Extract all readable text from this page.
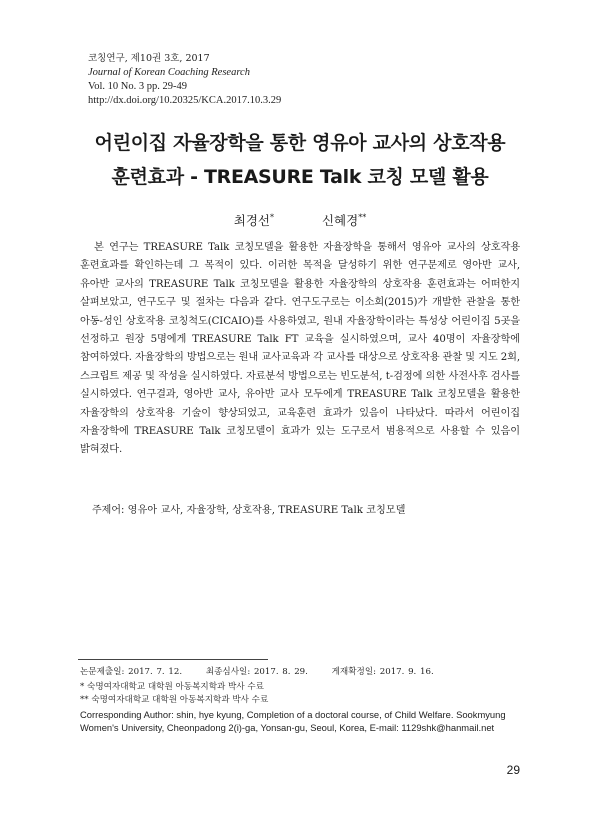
코칭연구, 제10권 3호, 2017
Journal of Korean Coaching Research
Vol. 10 No. 3 pp. 29-49
http://dx.doi.org/10.20325/KCA.2017.10.3.29
어린이집 자율장학을 통한 영유아 교사의 상호작용
훈련효과 - TREASURE Talk 코칭 모델 활용
최경선*	신혜경**
본 연구는 TREASURE Talk 코칭모델을 활용한 자율장학을 통해서 영유아 교사의 상호작용 훈련효과를 확인하는데 그 목적이 있다. 이러한 목적을 달성하기 위한 연구문제로 영아반 교사, 유아반 교사의 TREASURE Talk 코칭모델을 활용한 자율장학의 상호작용 훈련효과는 어떠한지 살펴보았고, 연구도구 및 절차는 다음과 같다. 연구도구로는 이소희(2015)가 개발한 관찰을 통한 아동-성인 상호작용 코칭척도(CICAIO)를 사용하였고, 원내 자율장학이라는 특성상 어린이집 5곳을 선정하고 원장 5명에게 TREASURE Talk FT 교육을 실시하였으며, 교사 40명이 자율장학에 참여하였다. 자율장학의 방법으로는 원내 교사교육과 각 교사를 대상으로 상호작용 관찰 및 지도 2회, 스크립트 제공 및 작성을 실시하였다. 자료분석 방법으로는 빈도분석, t-검정에 의한 사전사후 검사를 실시하였다. 연구결과, 영아반 교사, 유아반 교사 모두에게 TREASURE Talk 코칭모델을 활용한 자율장학의 상호작용 기술이 향상되었고, 교육훈련 효과가 있음이 나타났다. 따라서 어린이집 자율장학에 TREASURE Talk 코칭모델이 효과가 있는 도구로서 범용적으로 사용할 수 있음이 밝혀졌다.
주제어: 영유아 교사, 자율장학, 상호작용, TREASURE Talk 코칭모델
논문제출일: 2017. 7. 12.	최종심사일: 2017. 8. 29.	게재확정일: 2017. 9. 16.
* 숙명여자대학교 대학원 아동복지학과 박사 수료
** 숙명여자대학교 대학원 아동복지학과 박사 수료
Corresponding Author: shin, hye kyung, Completion of a doctoral course, of Child Welfare. Sookmyung Women's University, Cheonpadong 2(i)-ga, Yonsan-gu, Seoul, Korea, E-mail: 1129shk@hanmail.net
29
